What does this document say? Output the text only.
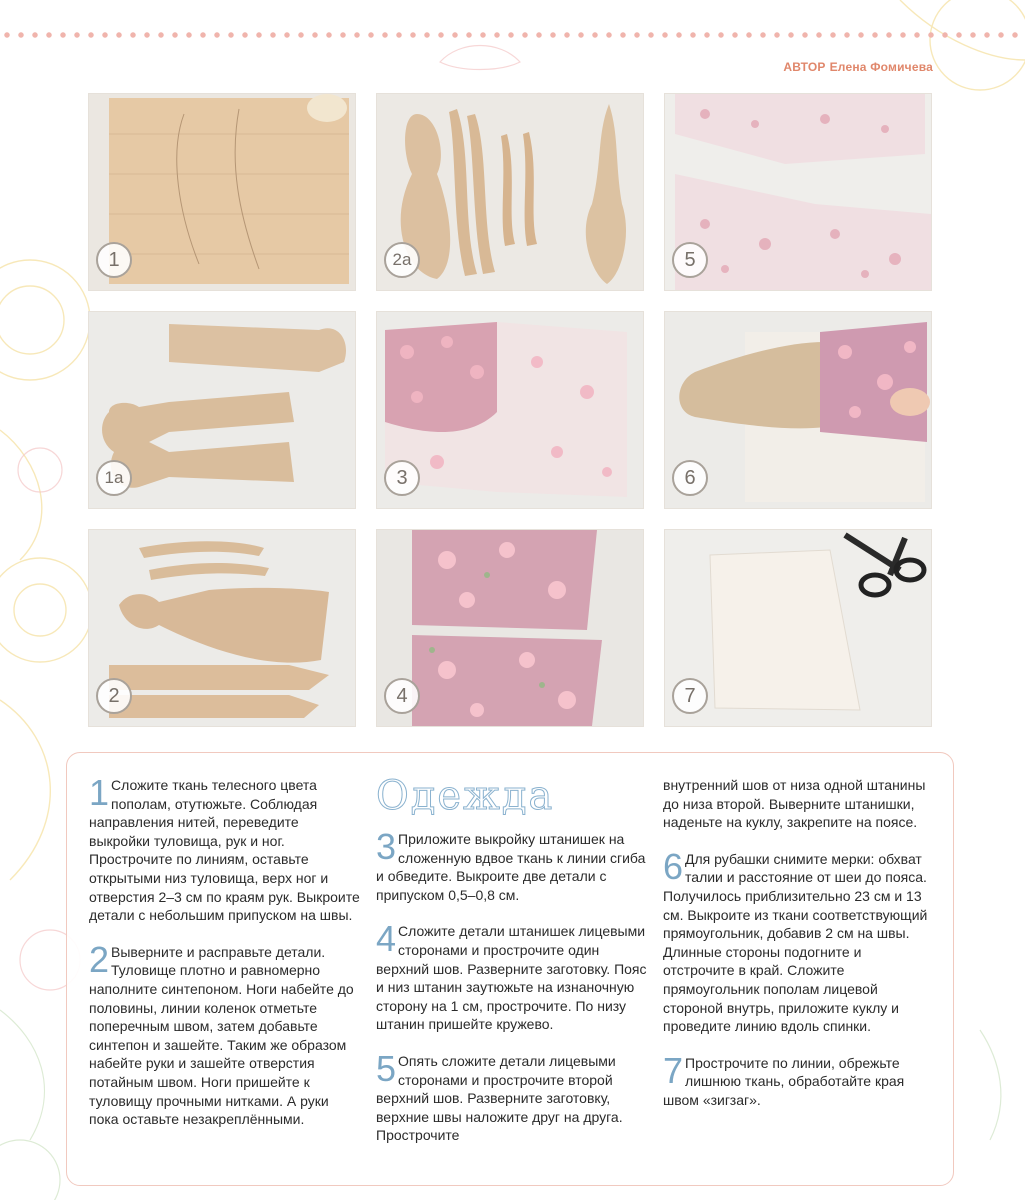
АВТОР Елена Фомичева
1	2a	5
1a	3	6
2	4	7
1 Сложите ткань телесного цвета пополам, отутюжьте. Соблюдая направления нитей, переведите выкройки туловища, рук и ног. Прострочите по линиям, оставьте открытыми низ туловища, верх ног и отверстия 2–3 см по краям рук. Выкроите детали с небольшим припуском на швы.
2 Выверните и расправьте детали. Туловище плотно и равномерно наполните синтепоном. Ноги набейте до половины, линии коленок отметьте поперечным швом, затем добавьте синтепон и зашейте. Таким же образом набейте руки и зашейте отверстия потайным швом. Ноги пришейте к туловищу прочными нитками. А руки пока оставьте незакреплёнными.
Одежда
3 Приложите выкройку штанишек на сложенную вдвое ткань к линии сгиба и обведите. Выкроите две детали с припуском 0,5–0,8 см.
4 Сложите детали штанишек лицевыми сторонами и прострочите один верхний шов. Разверните заготовку. Пояс и низ штанин заутюжьте на изнаночную сторону на 1 см, прострочите. По низу штанин пришейте кружево.
5 Опять сложите детали лицевыми сторонами и прострочите второй верхний шов. Разверните заготовку, верхние швы наложите друг на друга. Прострочите
внутренний шов от низа одной штанины до низа второй. Выверните штанишки, наденьте на куклу, закрепите на поясе.
6 Для рубашки снимите мерки: обхват талии и расстояние от шеи до пояса. Получилось приблизительно 23 см и 13 см. Выкроите из ткани соответствующий прямоугольник, добавив 2 см на швы. Длинные стороны подогните и отстрочите в край. Сложите прямоугольник пополам лицевой стороной внутрь, приложите куклу и проведите линию вдоль спинки.
7 Прострочите по линии, обрежьте лишнюю ткань, обработайте края швом «зигзаг».
